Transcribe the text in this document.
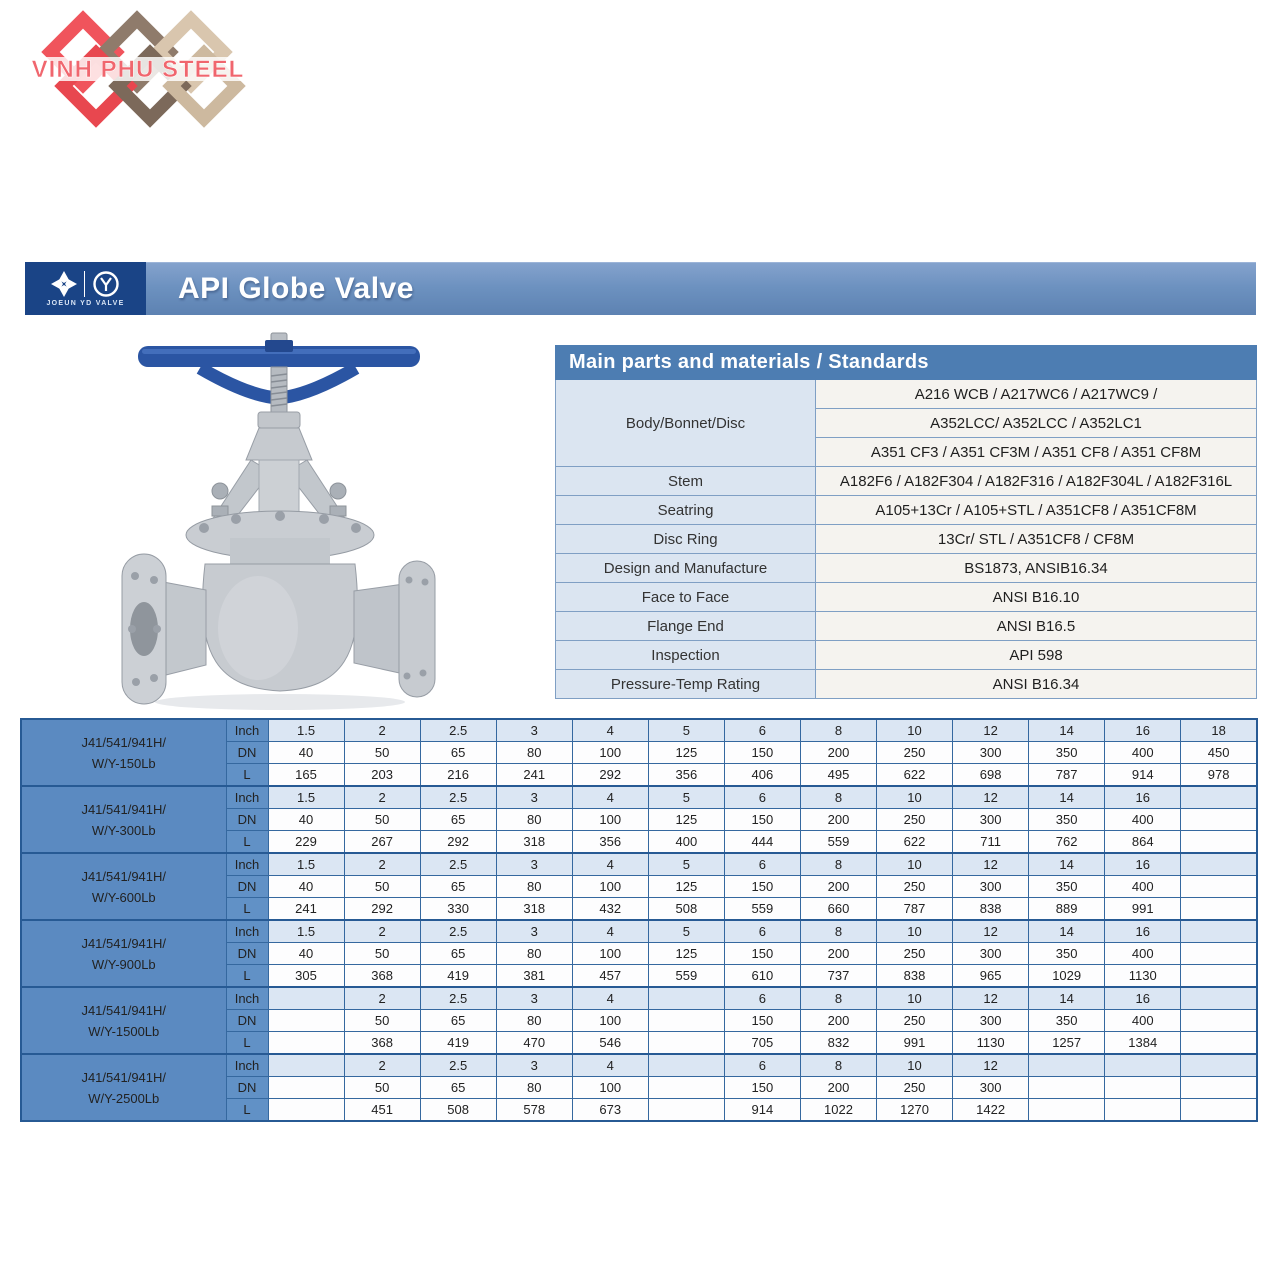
VINH PHU STEEL
JOEUN YD VALVE API Globe Valve
Main parts and materials / Standards	
Body/Bonnet/Disc	A216 WCB / A217WC6 / A217WC9 /
	A352LCC/ A352LCC / A352LC1
	A351 CF3 / A351 CF3M / A351 CF8 / A351 CF8M
Stem	A182F6 / A182F304 / A182F316 / A182F304L / A182F316L
Seatring	A105+13Cr / A105+STL / A351CF8 / A351CF8M
Disc Ring	13Cr/ STL / A351CF8 / CF8M
Design and Manufacture	BS1873, ANSIB16.34
Face to Face	ANSI B16.10
Flange End	ANSI B16.5
Inspection	API 598
Pressure-Temp Rating	ANSI B16.34
J41/541/941H/
W/Y-150Lb	Inch	1.5	2	2.5	3	4	5	6	8	10	12	14	16	18
	DN	40	50	65	80	100	125	150	200	250	300	350	400	450
	L	165	203	216	241	292	356	406	495	622	698	787	914	978

J41/541/941H/
W/Y-300Lb	Inch	1.5	2	2.5	3	4	5	6	8	10	12	14	16	
	DN	40	50	65	80	100	125	150	200	250	300	350	400	
	L	229	267	292	318	356	400	444	559	622	711	762	864	

J41/541/941H/
W/Y-600Lb	Inch	1.5	2	2.5	3	4	5	6	8	10	12	14	16	
	DN	40	50	65	80	100	125	150	200	250	300	350	400	
	L	241	292	330	318	432	508	559	660	787	838	889	991	

J41/541/941H/
W/Y-900Lb	Inch	1.5	2	2.5	3	4	5	6	8	10	12	14	16	
	DN	40	50	65	80	100	125	150	200	250	300	350	400	
	L	305	368	419	381	457	559	610	737	838	965	1029	1130	

J41/541/941H/
W/Y-1500Lb	Inch		2	2.5	3	4		6	8	10	12	14	16	
	DN		50	65	80	100		150	200	250	300	350	400	
	L		368	419	470	546		705	832	991	1130	1257	1384	

J41/541/941H/
W/Y-2500Lb	Inch		2	2.5	3	4		6	8	10	12			
	DN		50	65	80	100		150	200	250	300			
	L		451	508	578	673		914	1022	1270	1422			
